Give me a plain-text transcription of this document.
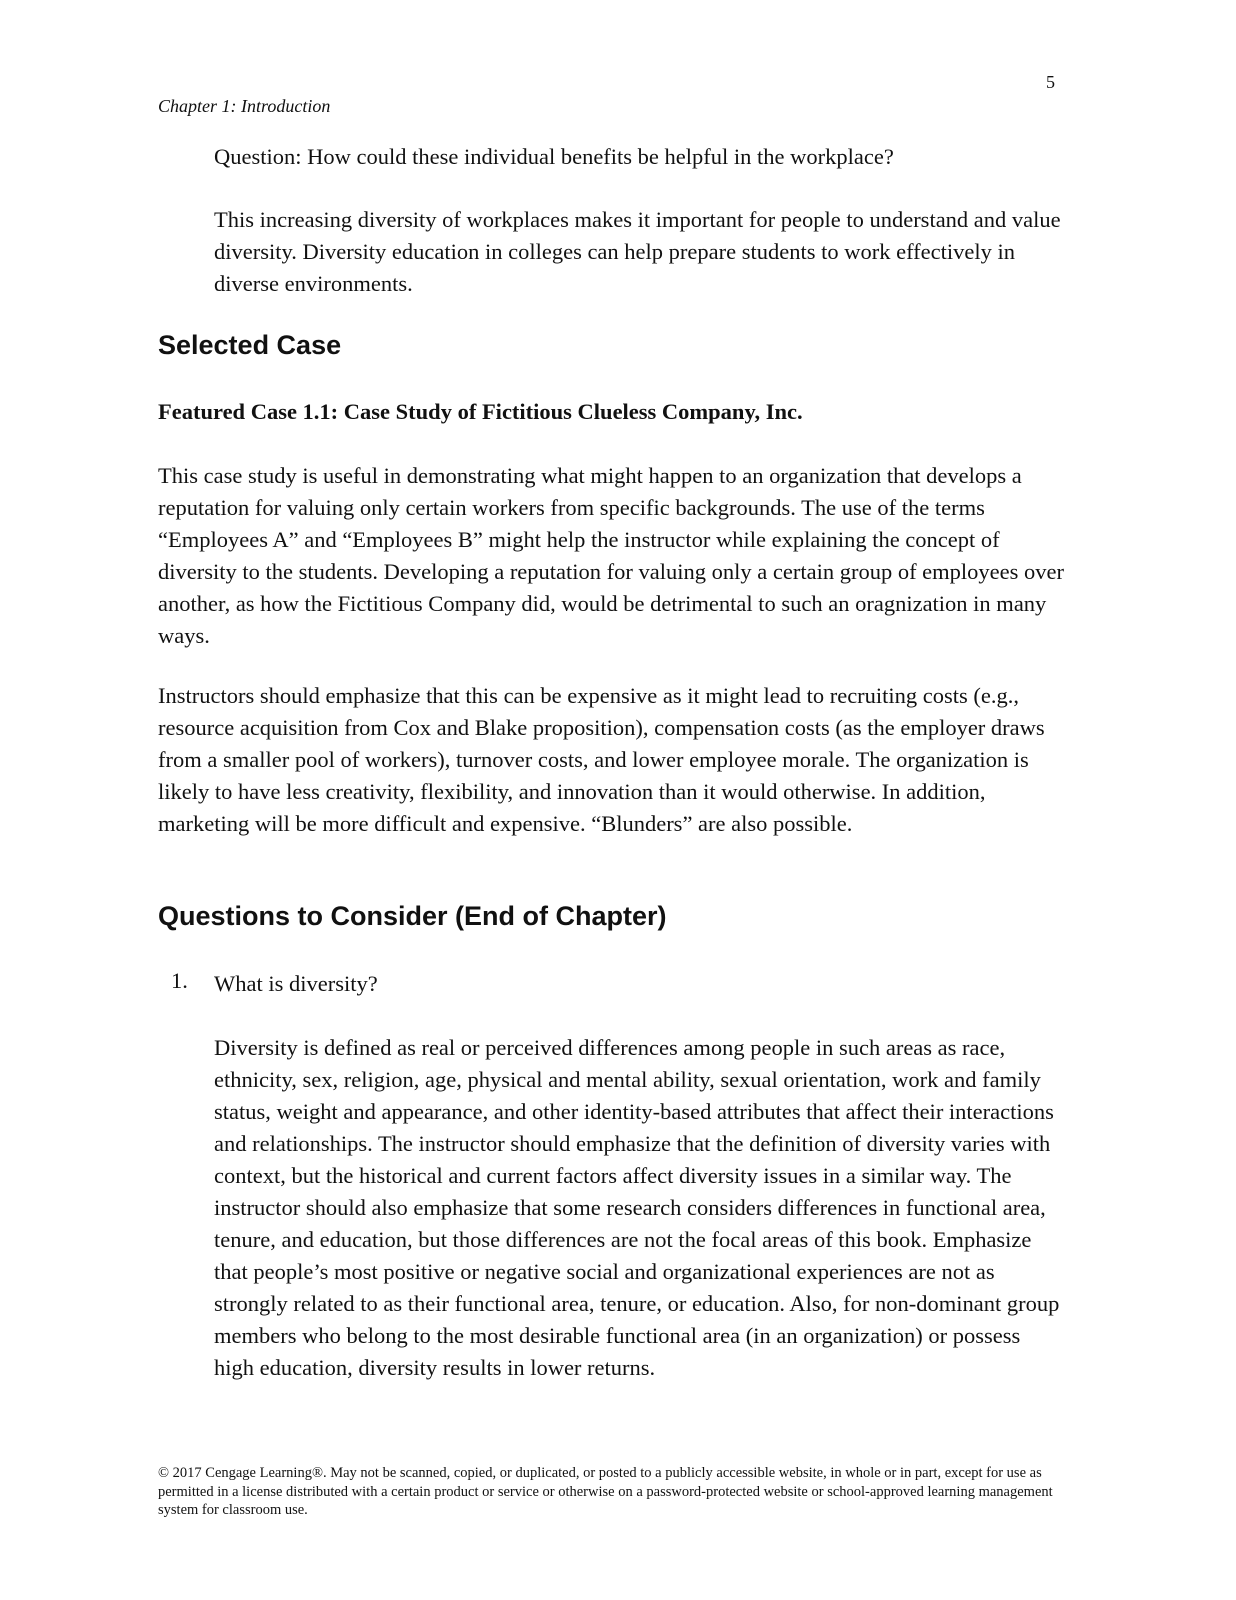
5
Chapter 1: Introduction

Question: How could these individual benefits be helpful in the workplace?

This increasing diversity of workplaces makes it important for people to understand and value diversity. Diversity education in colleges can help prepare students to work effectively in diverse environments.

Selected Case
Featured Case 1.1: Case Study of Fictitious Clueless Company, Inc.

This case study is useful in demonstrating what might happen to an organization that develops a reputation for valuing only certain workers from specific backgrounds. The use of the terms “Employees A” and “Employees B” might help the instructor while explaining the concept of diversity to the students. Developing a reputation for valuing only a certain group of employees over another, as how the Fictitious Company did, would be detrimental to such an oragnization in many ways.

Instructors should emphasize that this can be expensive as it might lead to recruiting costs (e.g., resource acquisition from Cox and Blake proposition), compensation costs (as the employer draws from a smaller pool of workers), turnover costs, and lower employee morale. The organization is likely to have less creativity, flexibility, and innovation than it would otherwise. In addition, marketing will be more difficult and expensive. “Blunders” are also possible.

Questions to Consider (End of Chapter)
1. What is diversity?

Diversity is defined as real or perceived differences among people in such areas as race, ethnicity, sex, religion, age, physical and mental ability, sexual orientation, work and family status, weight and appearance, and other identity-based attributes that affect their interactions and relationships. The instructor should emphasize that the definition of diversity varies with context, but the historical and current factors affect diversity issues in a similar way. The instructor should also emphasize that some research considers differences in functional area, tenure, and education, but those differences are not the focal areas of this book. Emphasize that people’s most positive or negative social and organizational experiences are not as strongly related to as their functional area, tenure, or education. Also, for non-dominant group members who belong to the most desirable functional area (in an organization) or possess high education, diversity results in lower returns.

© 2017 Cengage Learning®. May not be scanned, copied, or duplicated, or posted to a publicly accessible website, in whole or in part, except for use as permitted in a license distributed with a certain product or service or otherwise on a password-protected website or school-approved learning management system for classroom use.
